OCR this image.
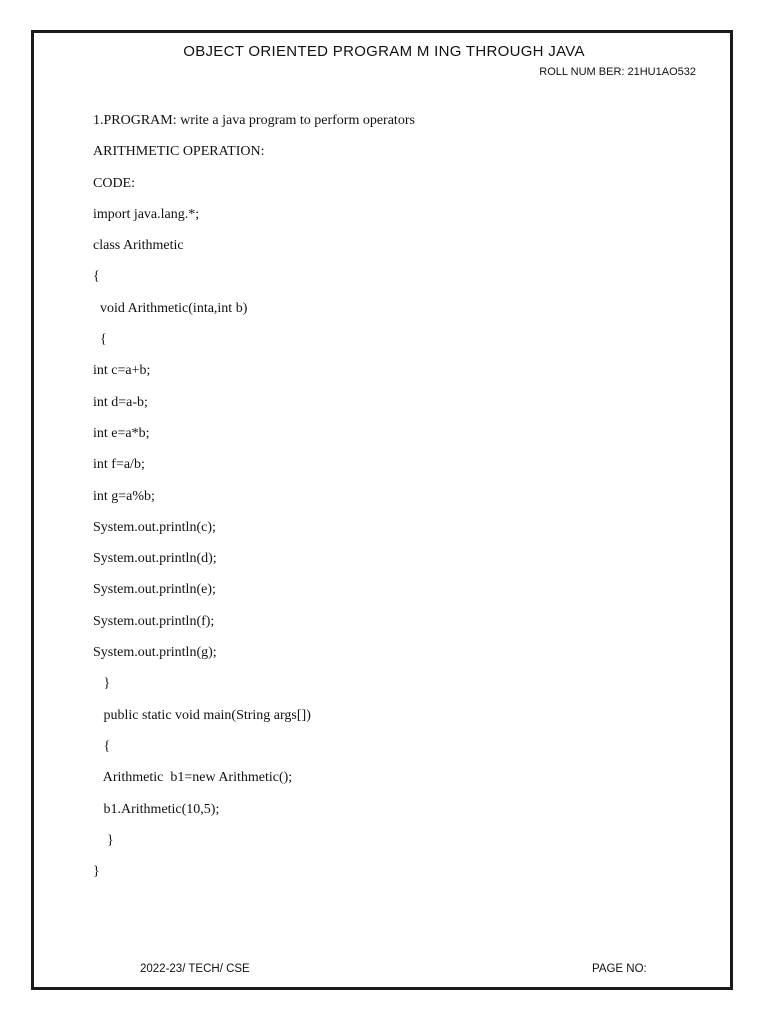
OBJECT ORIENTED PROGRAM M ING THROUGH JAVA
ROLL NUM BER: 21HU1AO532
1.PROGRAM: write a java program to perform operators
ARITHMETIC OPERATION:
CODE:
import java.lang.*;
class Arithmetic
{
void Arithmetic(inta,int b)
{
int c=a+b;
int d=a-b;
int e=a*b;
int f=a/b;
int g=a%b;
System.out.println(c);
System.out.println(d);
System.out.println(e);
System.out.println(f);
System.out.println(g);
}
public static void main(String args[])
{
Arithmetic  b1=new Arithmetic();
b1.Arithmetic(10,5);
}
}
2022-23/ TECH/ CSE	PAGE NO:
